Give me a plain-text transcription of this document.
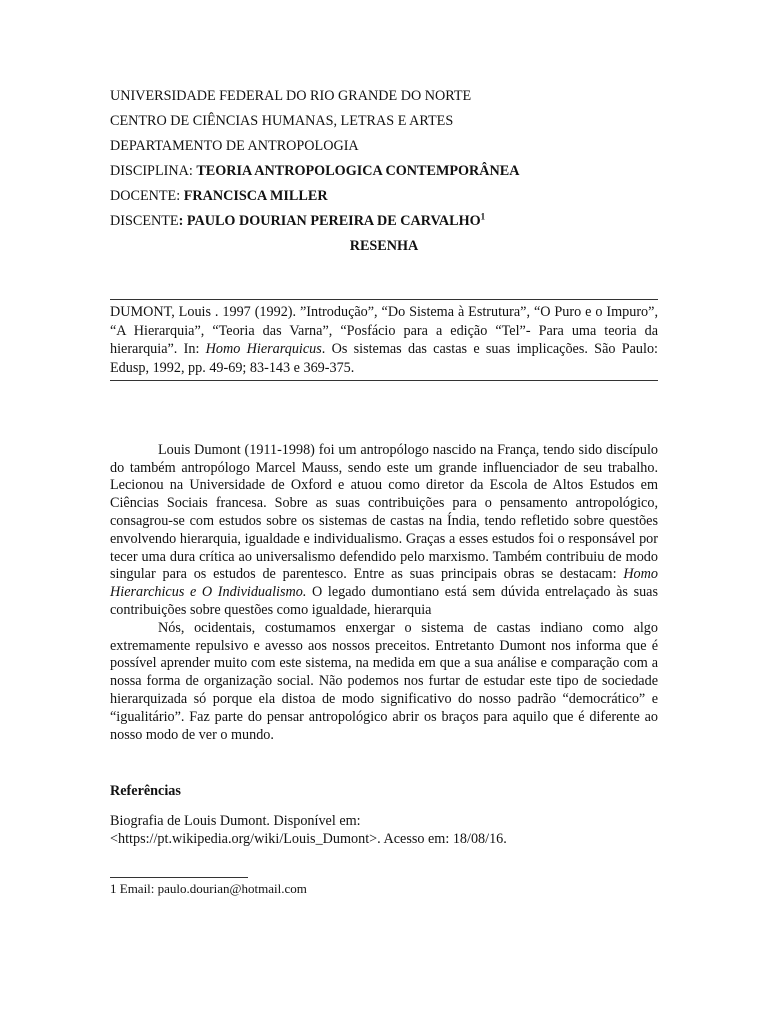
UNIVERSIDADE FEDERAL DO RIO GRANDE DO NORTE
CENTRO DE CIÊNCIAS HUMANAS, LETRAS E ARTES
DEPARTAMENTO DE ANTROPOLOGIA
DISCIPLINA: TEORIA ANTROPOLOGICA CONTEMPORÂNEA
DOCENTE: FRANCISCA MILLER
DISCENTE: PAULO DOURIAN PEREIRA DE CARVALHO$^1$
RESENHA
DUMONT, Louis . 1997 (1992). ”Introdução”, “Do Sistema à Estrutura”, “O Puro e o Impuro”, “A Hierarquia”, “Teoria das Varna”, “Posfácio para a edição “Tel”- Para uma teoria da hierarquia”. In: Homo Hierarquicus. Os sistemas das castas e suas implicações. São Paulo: Edusp, 1992, pp. 49-69; 83-143 e 369-375.

Louis Dumont (1911-1998) foi um antropólogo nascido na França, tendo sido discípulo do também antropólogo Marcel Mauss, sendo este um grande influenciador de seu trabalho. Lecionou na Universidade de Oxford e atuou como diretor da Escola de Altos Estudos em Ciências Sociais francesa. Sobre as suas contribuições para o pensamento antropológico, consagrou-se com estudos sobre os sistemas de castas na Índia, tendo refletido sobre questões envolvendo hierarquia, igualdade e individualismo. Graças a esses estudos foi o responsável por tecer uma dura crítica ao universalismo defendido pelo marxismo. Também contribuiu de modo singular para os estudos de parentesco. Entre as suas principais obras se destacam: Homo Hierarchicus e O Individualismo. O legado dumontiano está sem dúvida entrelaçado às suas contribuições sobre questões como igualdade, hierarquia

Nós, ocidentais, costumamos enxergar o sistema de castas indiano como algo extremamente repulsivo e avesso aos nossos preceitos. Entretanto Dumont nos informa que é possível aprender muito com este sistema, na medida em que a sua análise e comparação com a nossa forma de organização social. Não podemos nos furtar de estudar este tipo de sociedade hierarquizada só porque ela distoa de modo significativo do nosso padrão “democrático” e “igualitário”. Faz parte do pensar antropológico abrir os braços para aquilo que é diferente ao nosso modo de ver o mundo.

Referências
Biografia de Louis Dumont. Disponível em:
<https://pt.wikipedia.org/wiki/Louis_Dumont>. Acesso em: 18/08/16.
1 Email: paulo.dourian@hotmail.com
